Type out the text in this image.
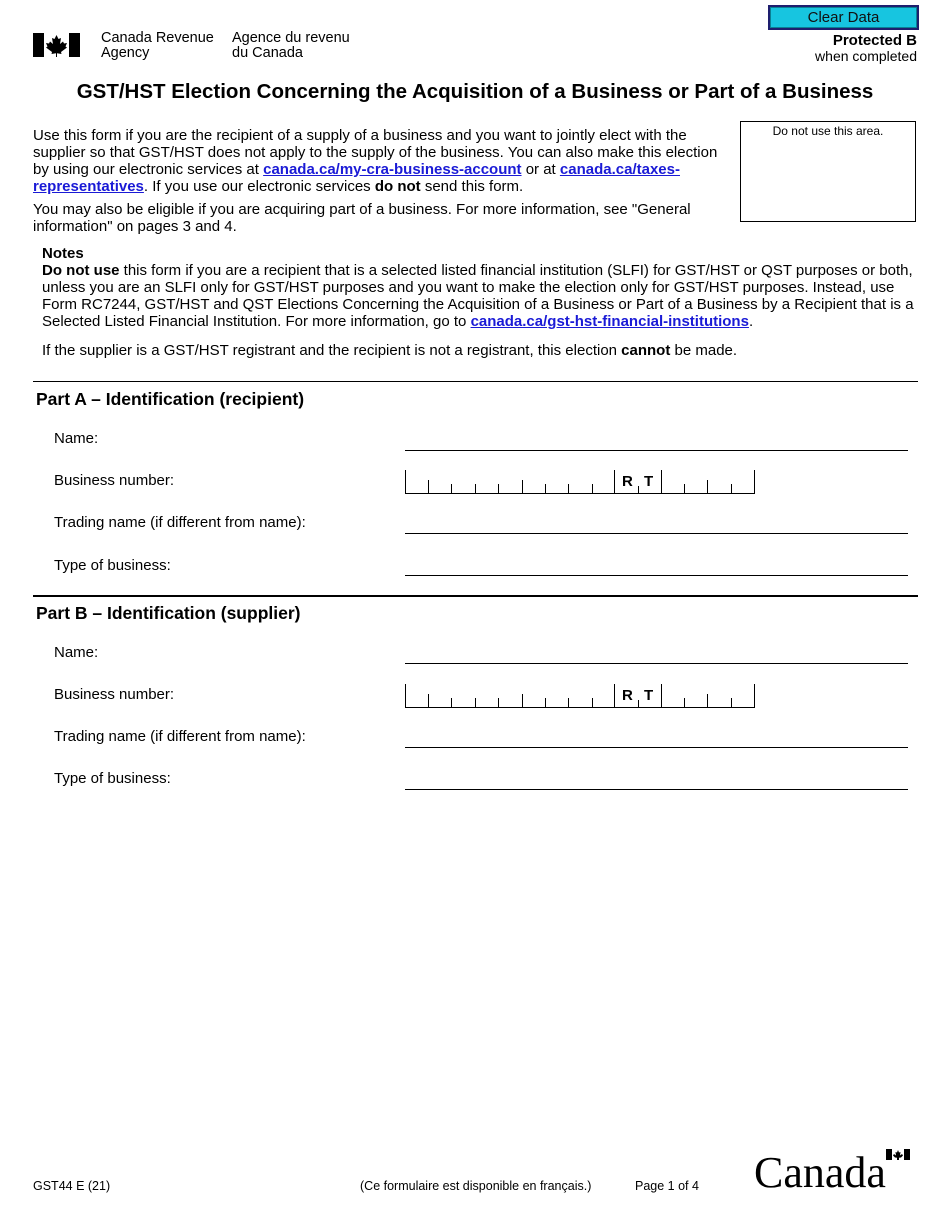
Canada Revenue
Agency
Agence du revenu
du Canada
Clear Data
Protected B
when completed
GST/HST Election Concerning the Acquisition of a Business or Part of a Business

Use this form if you are the recipient of a supply of a business and you want to jointly elect with the supplier so that GST/HST does not apply to the supply of the business. You can also make this election by using our electronic services at canada.ca/my-cra-business-account or at canada.ca/taxes-representatives. If you use our electronic services do not send this form.

You may also be eligible if you are acquiring part of a business. For more information, see "General information" on pages 3 and 4.

Do not use this area.
Notes

Do not use this form if you are a recipient that is a selected listed financial institution (SLFI) for GST/HST or QST purposes or both, unless you are an SLFI only for GST/HST purposes and you want to make the election only for GST/HST purposes. Instead, use Form RC7244, GST/HST and QST Elections Concerning the Acquisition of a Business or Part of a Business by a Recipient that is a Selected Listed Financial Institution. For more information, go to canada.ca/gst-hst-financial-institutions.

If the supplier is a GST/HST registrant and the recipient is not a registrant, this election cannot be made.
Part A – Identification (recipient)
Name:
Business number:	R T
Trading name (if different from name):
Type of business:
Part B – Identification (supplier)
Name:
Business number:	R T
Trading name (if different from name):
Type of business:
GST44 E (21)	(Ce formulaire est disponible en français.)	Page 1 of 4 Canada
